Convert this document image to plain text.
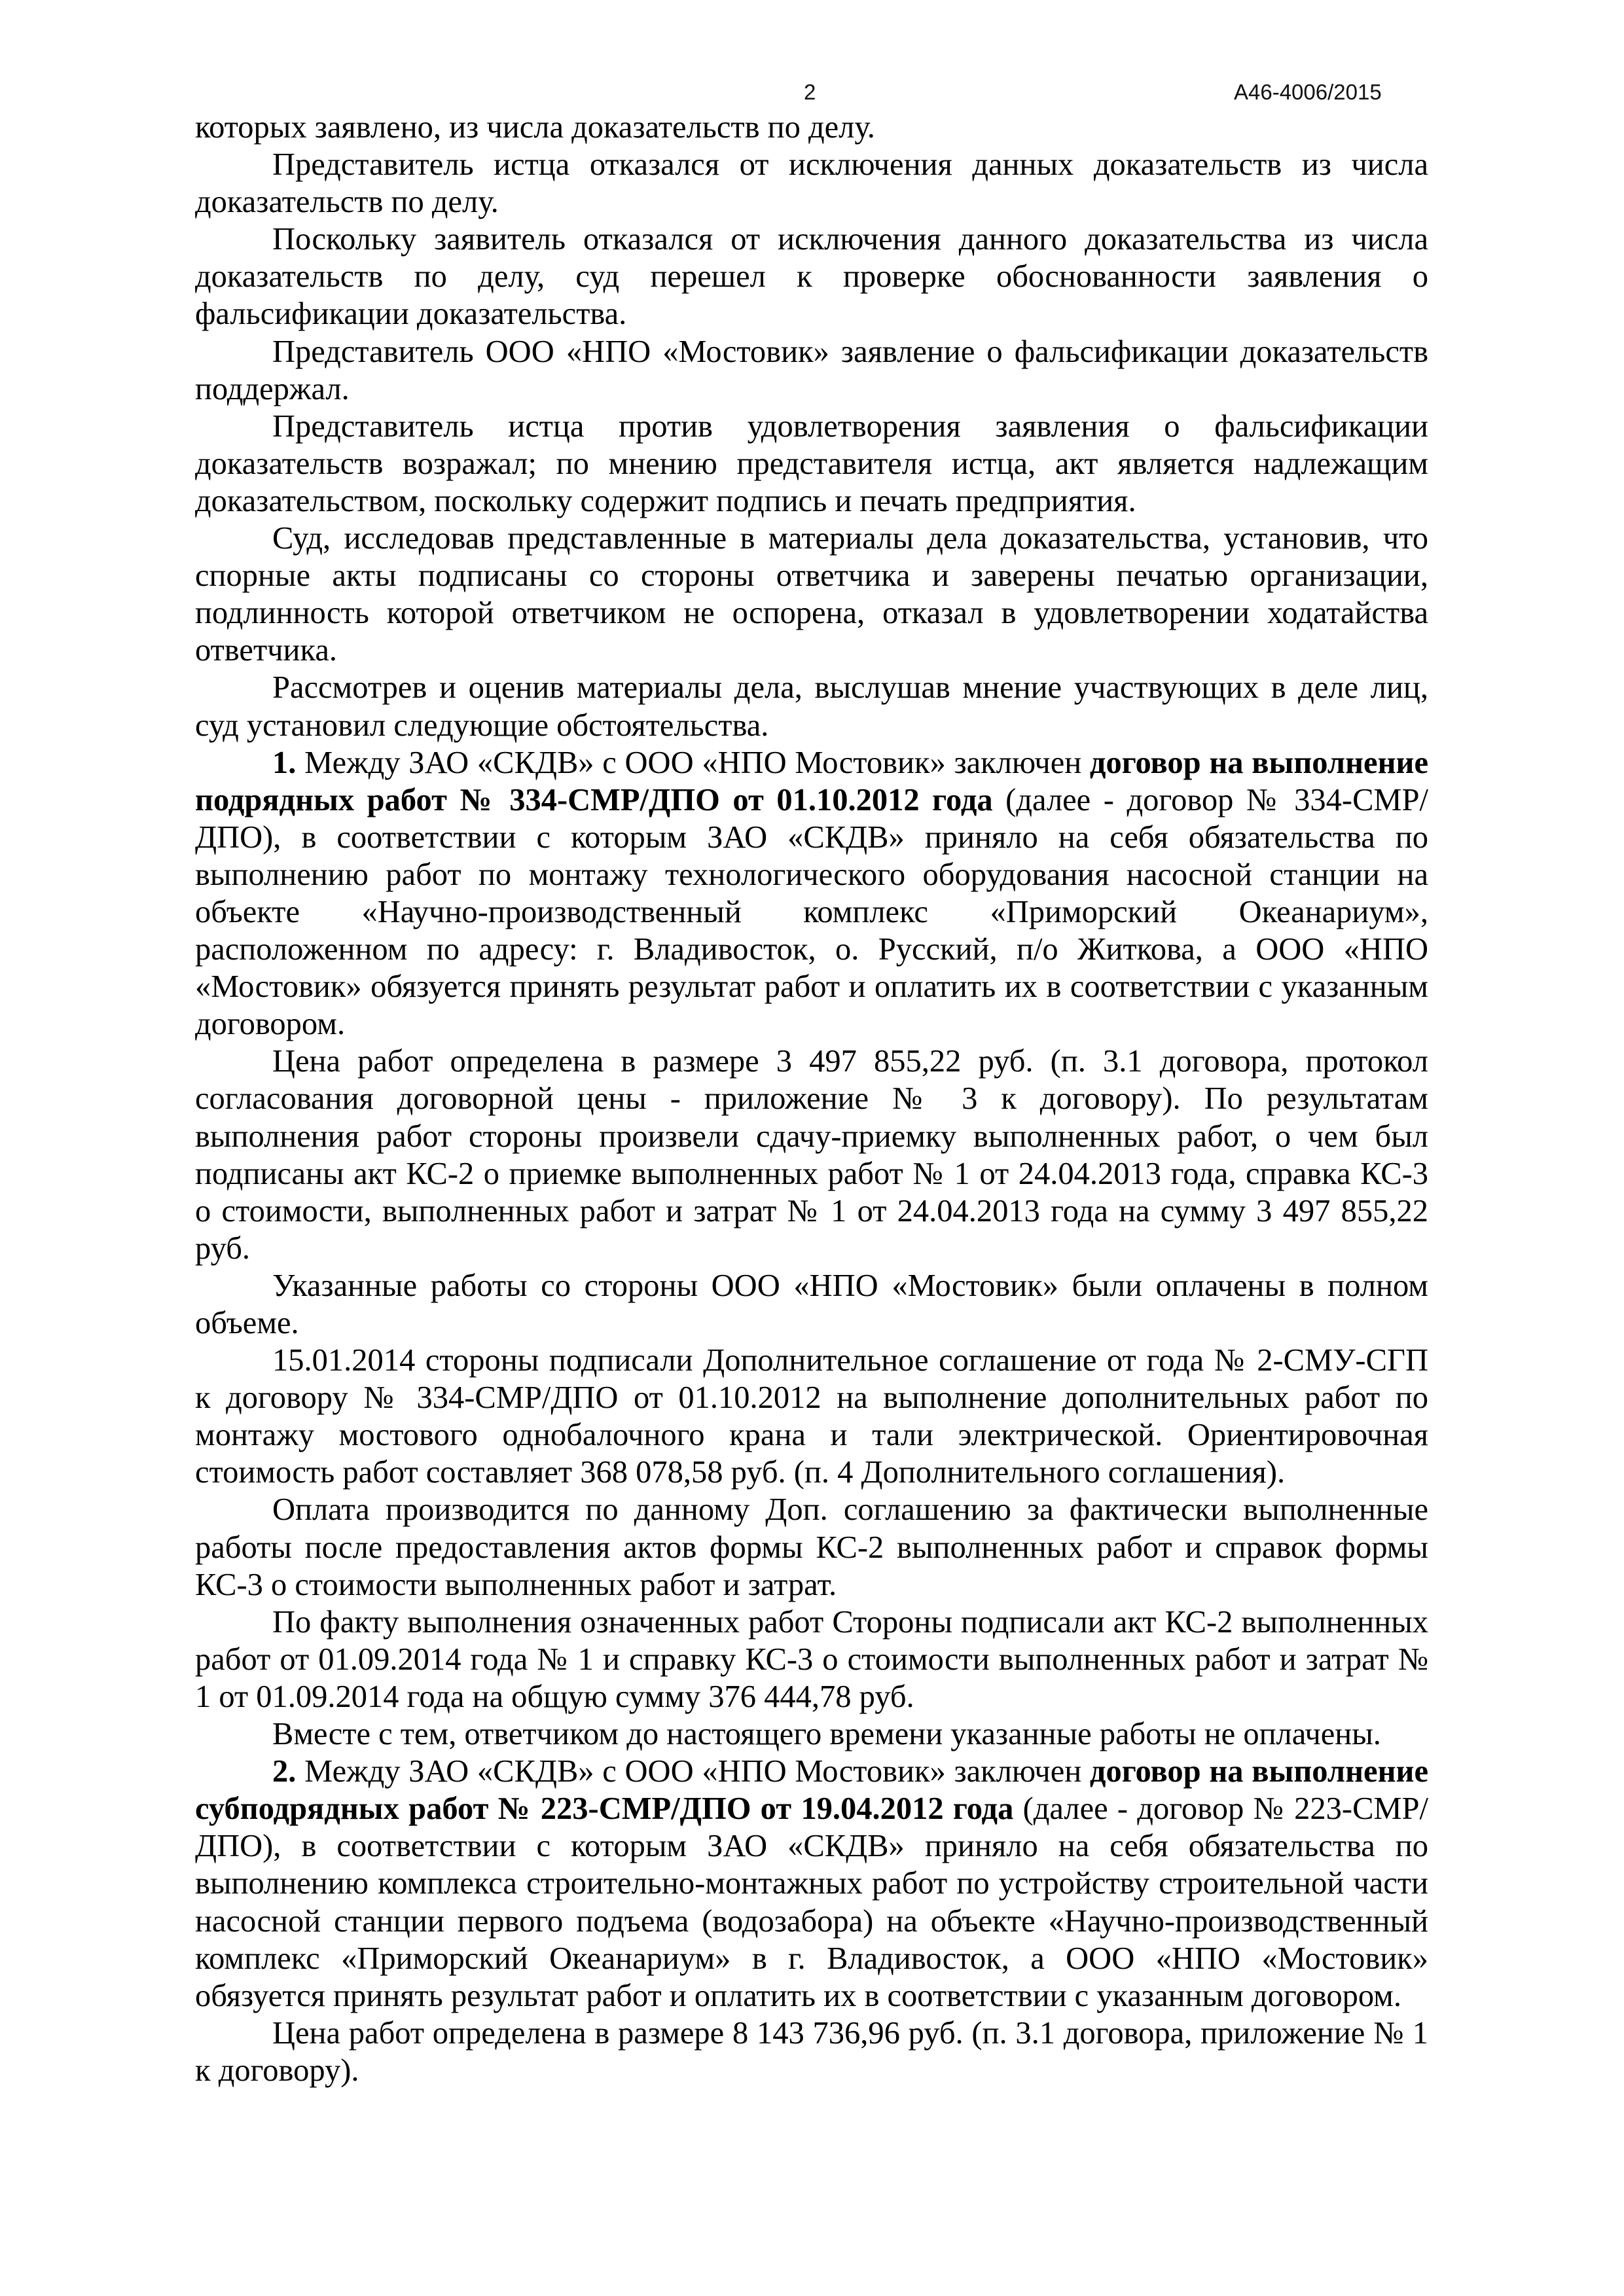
2	А46-4006/2015

которых заявлено, из числа доказательств по делу.

Представитель истца отказался от исключения данных доказательств из числа доказательств по делу.

Поскольку заявитель отказался от исключения данного доказательства из числа доказательств по делу, суд перешел к проверке обоснованности заявления о фальсификации доказательства.

Представитель ООО «НПО «Мостовик» заявление о фальсификации доказательств поддержал.

Представитель истца против удовлетворения заявления о фальсификации доказательств возражал; по мнению представителя истца, акт является надлежащим доказательством, поскольку содержит подпись и печать предприятия.

Суд, исследовав представленные в материалы дела доказательства, установив, что спорные акты подписаны со стороны ответчика и заверены печатью организации, подлинность которой ответчиком не оспорена, отказал в удовлетворении ходатайства ответчика.

Рассмотрев и оценив материалы дела, выслушав мнение участвующих в деле лиц, суд установил следующие обстоятельства.

1. Между ЗАО «СКДВ» с ООО «НПО Мостовик» заключен договор на выполнение подрядных работ № 334-СМР/ДПО от 01.10.2012 года (далее - договор № 334-СМР/ДПО), в соответствии с которым ЗАО «СКДВ» приняло на себя обязательства по выполнению работ по монтажу технологического оборудования насосной станции на объекте «Научно-производственный комплекс «Приморский Океанариум», расположенном по адресу: г. Владивосток, о. Русский, п/о Житкова, а ООО «НПО «Мостовик» обязуется принять результат работ и оплатить их в соответствии с указанным договором.

Цена работ определена в размере 3 497 855,22 руб. (п. 3.1 договора, протокол согласования договорной цены - приложение № 3 к договору). По результатам выполнения работ стороны произвели сдачу-приемку выполненных работ, о чем был подписаны акт КС-2 о приемке выполненных работ № 1 от 24.04.2013 года, справка КС-3 о стоимости, выполненных работ и затрат № 1 от 24.04.2013 года на сумму 3 497 855,22 руб.

Указанные работы со стороны ООО «НПО «Мостовик» были оплачены в полном объеме.

15.01.2014 стороны подписали Дополнительное соглашение от года № 2-СМУ-СГП к договору № 334-СМР/ДПО от 01.10.2012 на выполнение дополнительных работ по монтажу мостового однобалочного крана и тали электрической. Ориентировочная стоимость работ составляет 368 078,58 руб. (п. 4 Дополнительного соглашения).

Оплата производится по данному Доп. соглашению за фактически выполненные работы после предоставления актов формы КС-2 выполненных работ и справок формы КС-3 о стоимости выполненных работ и затрат.

По факту выполнения означенных работ Стороны подписали акт КС-2 выполненных работ от 01.09.2014 года № 1 и справку КС-3 о стоимости выполненных работ и затрат № 1 от 01.09.2014 года на общую сумму 376 444,78 руб.

Вместе с тем, ответчиком до настоящего времени указанные работы не оплачены.

2. Между ЗАО «СКДВ» с ООО «НПО Мостовик» заключен договор на выполнение субподрядных работ № 223-СМР/ДПО от 19.04.2012 года (далее - договор № 223-СМР/ДПО), в соответствии с которым ЗАО «СКДВ» приняло на себя обязательства по выполнению комплекса строительно-монтажных работ по устройству строительной части насосной станции первого подъема (водозабора) на объекте «Научно-производственный комплекс «Приморский Океанариум» в г. Владивосток, а ООО «НПО «Мостовик» обязуется принять результат работ и оплатить их в соответствии с указанным договором.

Цена работ определена в размере 8 143 736,96 руб. (п. 3.1 договора, приложение № 1 к договору).
